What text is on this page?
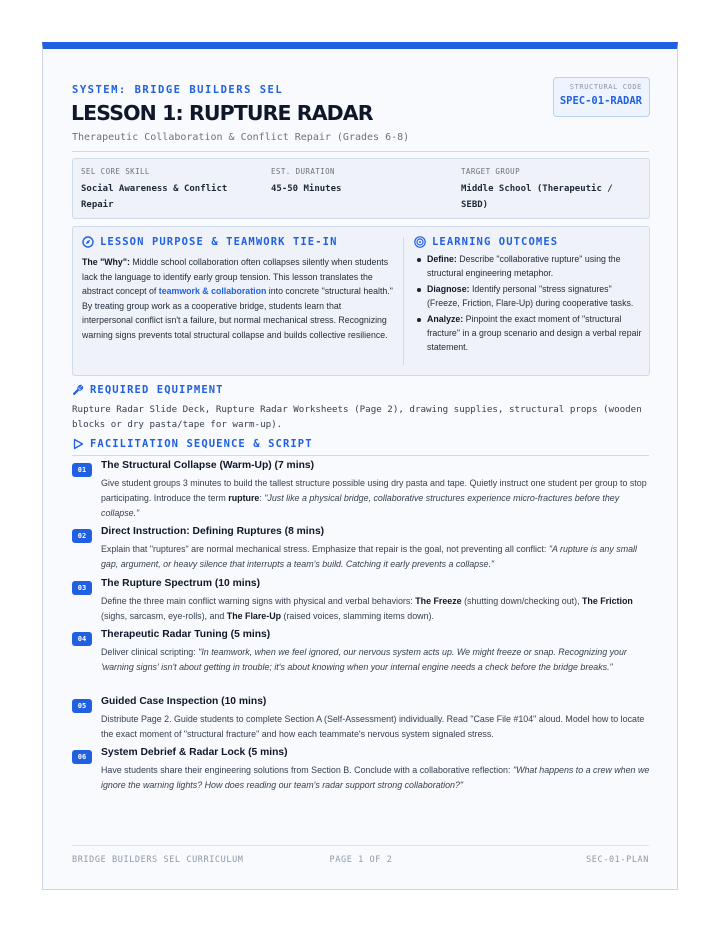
SYSTEM: BRIDGE BUILDERS SEL
LESSON 1: RUPTURE RADAR
Therapeutic Collaboration & Conflict Repair (Grades 6-8)
STRUCTURAL CODE
SPEC-01-RADAR
SEL CORE SKILL
Social Awareness & Conflict Repair
EST. DURATION
45-50 Minutes
TARGET GROUP
Middle School (Therapeutic / SEBD)
LESSON PURPOSE & TEAMWORK TIE-IN
The "Why": Middle school collaboration often collapses silently when students lack the language to identify early group tension. This lesson translates the abstract concept of teamwork & collaboration into concrete "structural health." By treating group work as a cooperative bridge, students learn that interpersonal conflict isn't a failure, but normal mechanical stress. Recognizing warning signs prevents total structural collapse and builds collective resilience.
LEARNING OUTCOMES
Define: Describe "collaborative rupture" using the structural engineering metaphor.
Diagnose: Identify personal "stress signatures" (Freeze, Friction, Flare-Up) during cooperative tasks.
Analyze: Pinpoint the exact moment of "structural fracture" in a group scenario and design a verbal repair statement.
REQUIRED EQUIPMENT
Rupture Radar Slide Deck, Rupture Radar Worksheets (Page 2), drawing supplies, structural props (wooden blocks or dry pasta/tape for warm-up).
FACILITATION SEQUENCE & SCRIPT
01	The Structural Collapse (Warm-Up) (7 mins)
Give student groups 3 minutes to build the tallest structure possible using dry pasta and tape. Quietly instruct one student per group to stop participating. Introduce the term rupture: "Just like a physical bridge, collaborative structures experience micro-fractures before they collapse."
02	Direct Instruction: Defining Ruptures (8 mins)
Explain that "ruptures" are normal mechanical stress. Emphasize that repair is the goal, not preventing all conflict: "A rupture is any small gap, argument, or heavy silence that interrupts a team's build. Catching it early prevents a collapse."
03	The Rupture Spectrum (10 mins)
Define the three main conflict warning signs with physical and verbal behaviors: The Freeze (shutting down/checking out), The Friction (sighs, sarcasm, eye-rolls), and The Flare-Up (raised voices, slamming items down).
04	Therapeutic Radar Tuning (5 mins)
Deliver clinical scripting: "In teamwork, when we feel ignored, our nervous system acts up. We might freeze or snap. Recognizing your 'warning signs' isn't about getting in trouble; it's about knowing when your internal engine needs a check before the bridge breaks."
05	Guided Case Inspection (10 mins)
Distribute Page 2. Guide students to complete Section A (Self-Assessment) individually. Read "Case File #104" aloud. Model how to locate the exact moment of "structural fracture" and how each teammate's nervous system signaled stress.
06	System Debrief & Radar Lock (5 mins)
Have students share their engineering solutions from Section B. Conclude with a collaborative reflection: "What happens to a crew when we ignore the warning lights? How does reading our team's radar support strong collaboration?"
BRIDGE BUILDERS SEL CURRICULUM	PAGE 1 OF 2	SEC-01-PLAN
